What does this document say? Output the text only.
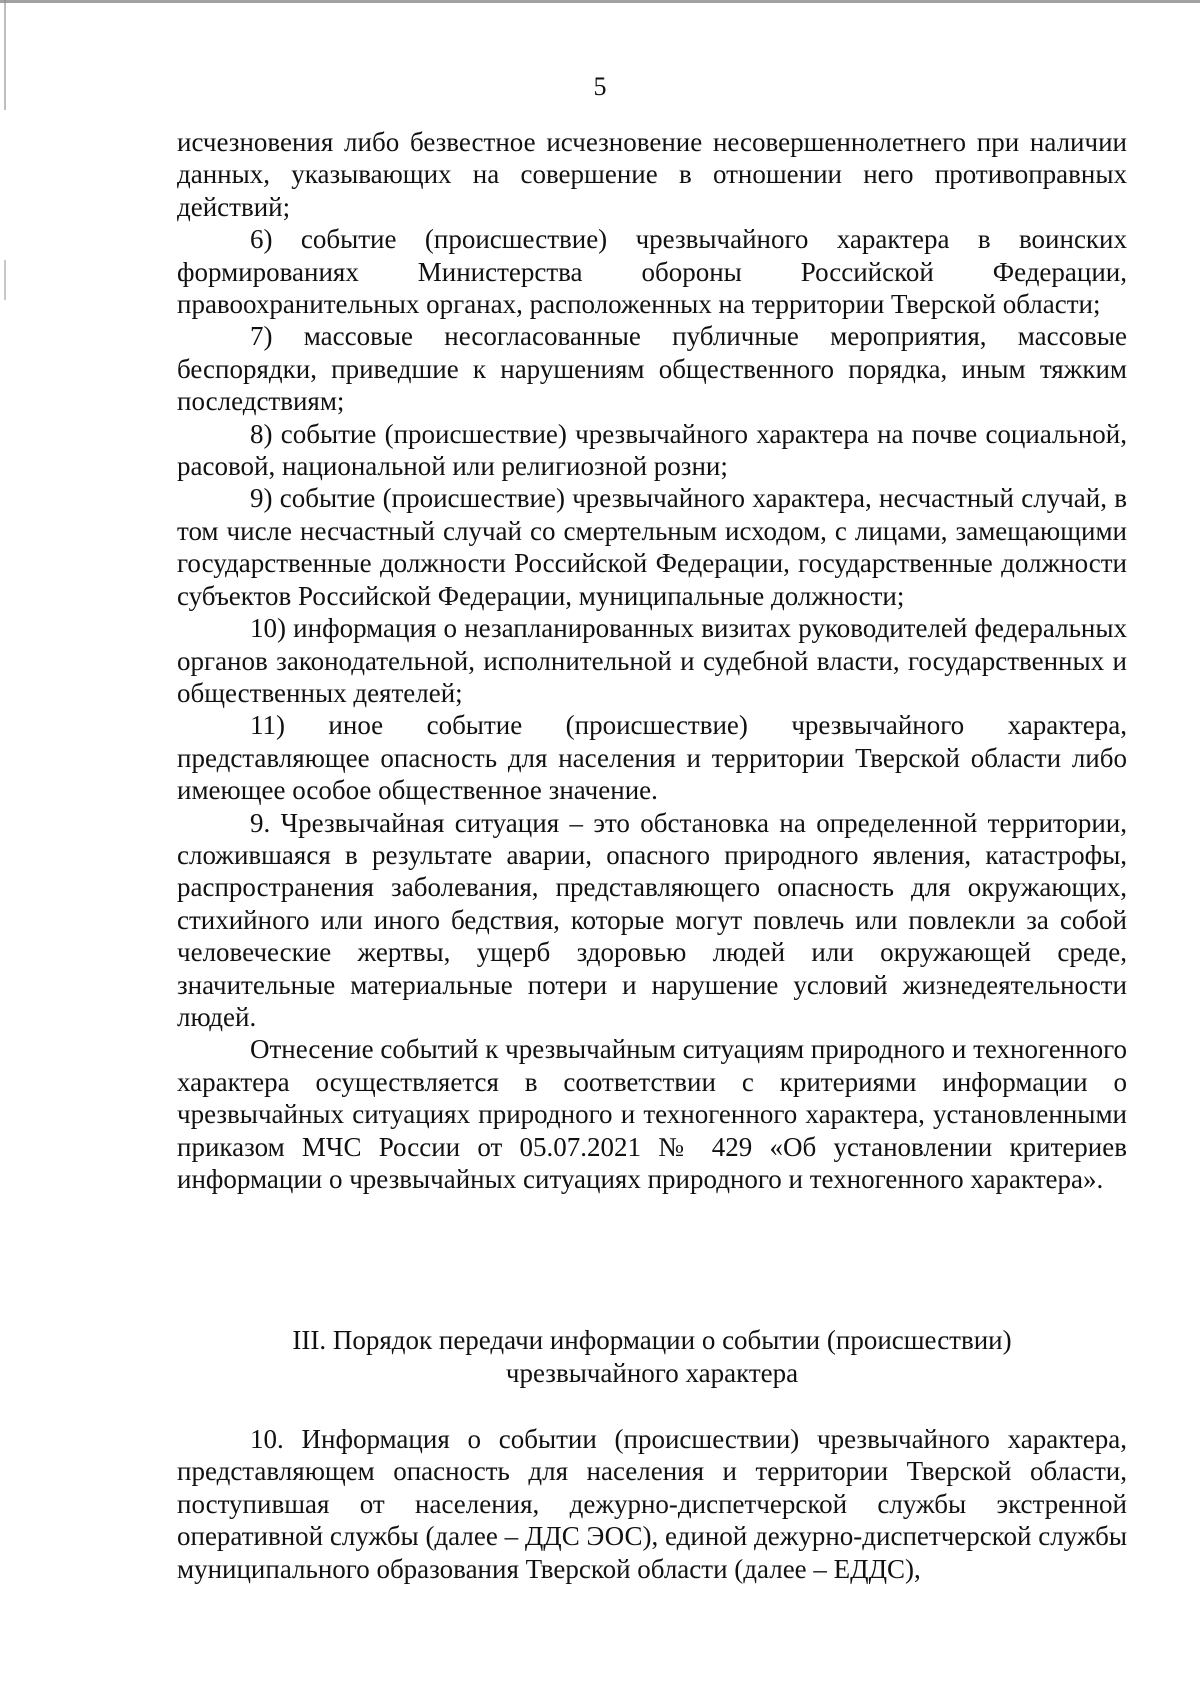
5

исчезновения либо безвестное исчезновение несовершеннолетнего при наличии данных, указывающих на совершение в отношении него противоправных действий;

6) событие (происшествие) чрезвычайного характера в воинских формированиях Министерства обороны Российской Федерации, правоохранительных органах, расположенных на территории Тверской области;

7) массовые несогласованные публичные мероприятия, массовые беспорядки, приведшие к нарушениям общественного порядка, иным тяжким последствиям;

8) событие (происшествие) чрезвычайного характера на почве социальной, расовой, национальной или религиозной розни;

9) событие (происшествие) чрезвычайного характера, несчастный случай, в том числе несчастный случай со смертельным исходом, с лицами, замещающими государственные должности Российской Федерации, государственные должности субъектов Российской Федерации, муниципальные должности;

10) информация о незапланированных визитах руководителей федеральных органов законодательной, исполнительной и судебной власти, государственных и общественных деятелей;

11) иное событие (происшествие) чрезвычайного характера, представляющее опасность для населения и территории Тверской области либо имеющее особое общественное значение.

9. Чрезвычайная ситуация – это обстановка на определенной территории, сложившаяся в результате аварии, опасного природного явления, катастрофы, распространения заболевания, представляющего опасность для окружающих, стихийного или иного бедствия, которые могут повлечь или повлекли за собой человеческие жертвы, ущерб здоровью людей или окружающей среде, значительные материальные потери и нарушение условий жизнедеятельности людей.

Отнесение событий к чрезвычайным ситуациям природного и техногенного характера осуществляется в соответствии с критериями информации о чрезвычайных ситуациях природного и техногенного характера, установленными приказом МЧС России от 05.07.2021 № 429 «Об установлении критериев информации о чрезвычайных ситуациях природного и техногенного характера».

III. Порядок передачи информации о событии (происшествии)
чрезвычайного характера

10. Информация о событии (происшествии) чрезвычайного характера, представляющем опасность для населения и территории Тверской области, поступившая от населения, дежурно-диспетчерской службы экстренной оперативной службы (далее – ДДС ЭОС), единой дежурно-диспетчерской службы муниципального образования Тверской области (далее – ЕДДС),
